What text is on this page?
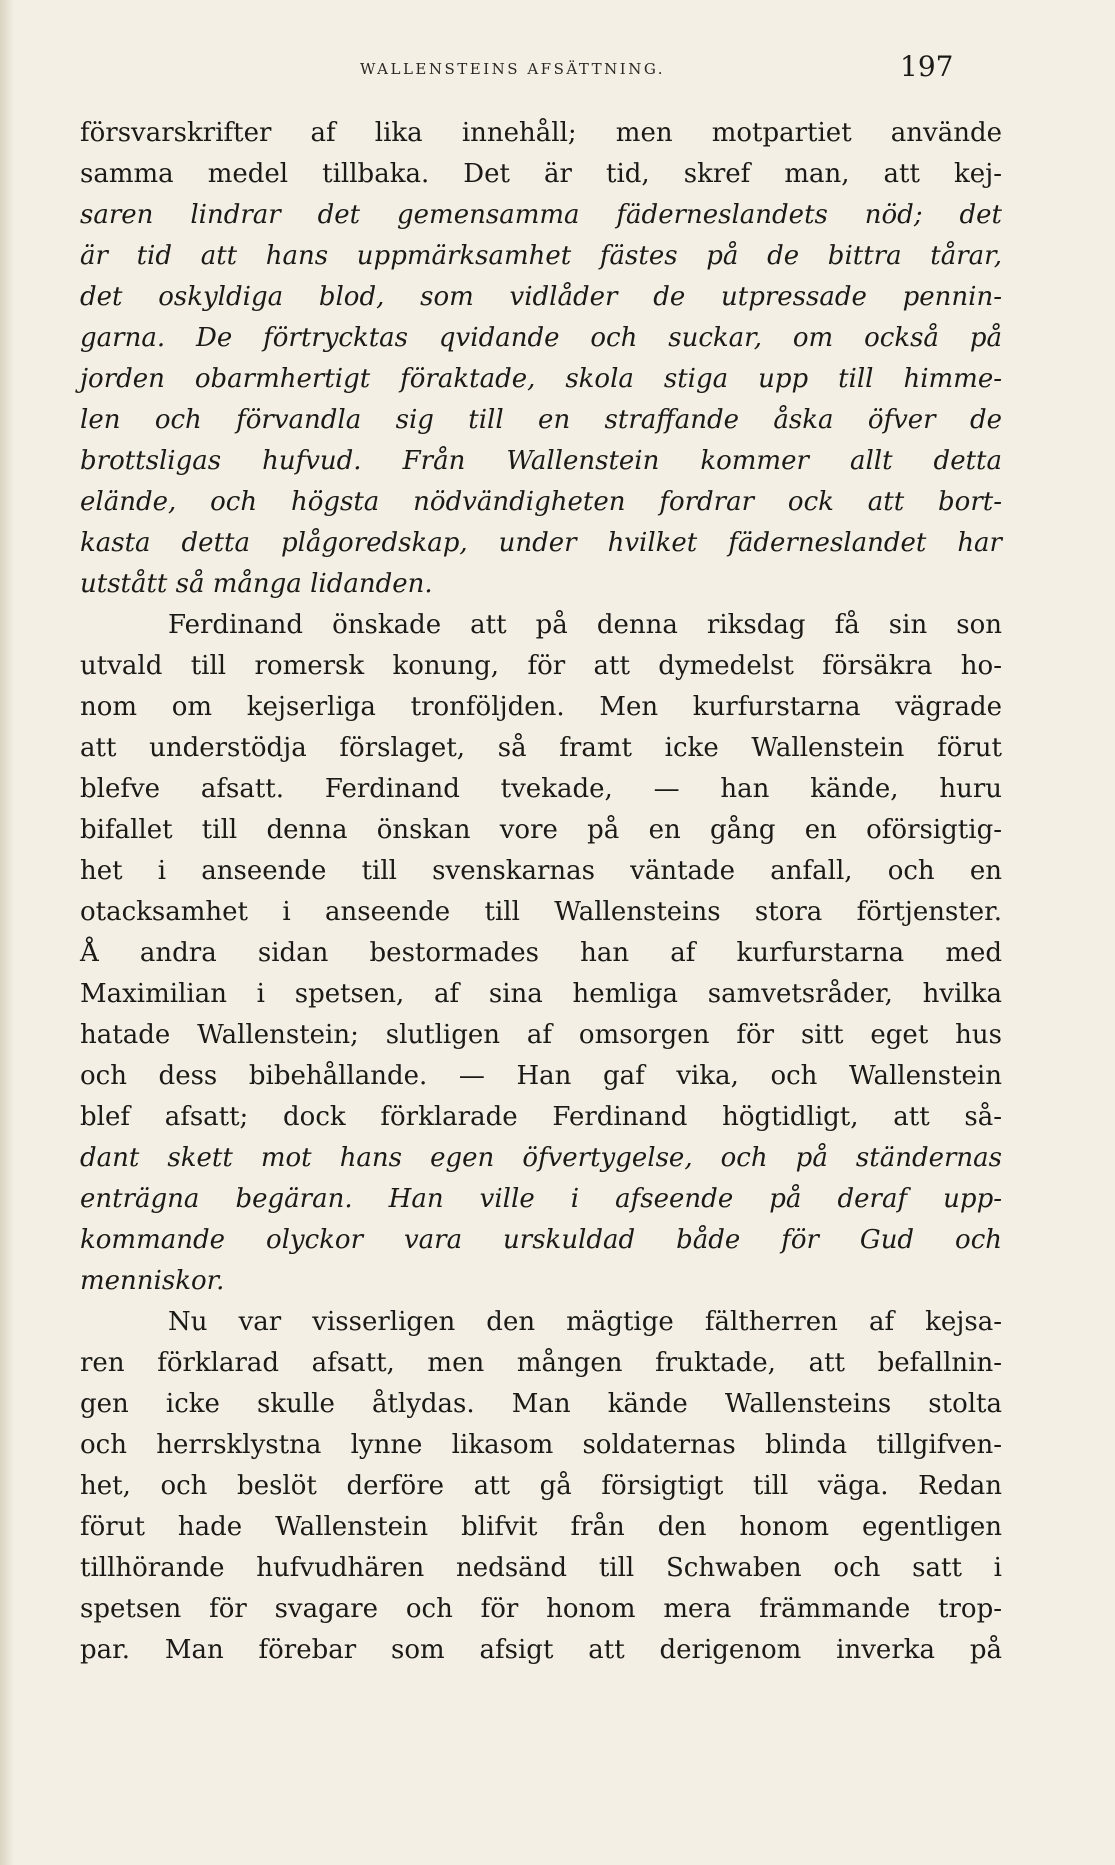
WALLENSTEINS AFSÄTTNING.	197
försvarskrifter af lika innehåll; men motpartiet använde
samma medel tillbaka. Det är tid, skref man, att kej-
saren lindrar det gemensamma fäderneslandets nöd; det
är tid att hans uppmärksamhet fästes på de bittra tårar,
det oskyldiga blod, som vidlåder de utpressade pennin-
garna. De förtrycktas qvidande och suckar, om också på
jorden obarmhertigt föraktade, skola stiga upp till himme-
len och förvandla sig till en straffande åska öfver de
brottsligas hufvud. Från Wallenstein kommer allt detta
elände, och högsta nödvändigheten fordrar ock att bort-
kasta detta plågoredskap, under hvilket fäderneslandet har
utstått så många lidanden.
Ferdinand önskade att på denna riksdag få sin son
utvald till romersk konung, för att dymedelst försäkra ho-
nom om kejserliga tronföljden. Men kurfurstarna vägrade
att understödja förslaget, så framt icke Wallenstein förut
blefve afsatt. Ferdinand tvekade, — han kände, huru
bifallet till denna önskan vore på en gång en oförsigtig-
het i anseende till svenskarnas väntade anfall, och en
otacksamhet i anseende till Wallensteins stora förtjenster.
Å andra sidan bestormades han af kurfurstarna med
Maximilian i spetsen, af sina hemliga samvetsråder, hvilka
hatade Wallenstein; slutligen af omsorgen för sitt eget hus
och dess bibehållande. — Han gaf vika, och Wallenstein
blef afsatt; dock förklarade Ferdinand högtidligt, att så-
dant skett mot hans egen öfvertygelse, och på ständernas
enträgna begäran. Han ville i afseende på deraf upp-
kommande olyckor vara urskuldad både för Gud och
menniskor.
Nu var visserligen den mägtige fältherren af kejsa-
ren förklarad afsatt, men mången fruktade, att befallnin-
gen icke skulle åtlydas. Man kände Wallensteins stolta
och herrsklystna lynne likasom soldaternas blinda tillgifven-
het, och beslöt derföre att gå försigtigt till väga. Redan
förut hade Wallenstein blifvit från den honom egentligen
tillhörande hufvudhären nedsänd till Schwaben och satt i
spetsen för svagare och för honom mera främmande trop-
par. Man förebar som afsigt att derigenom inverka på
